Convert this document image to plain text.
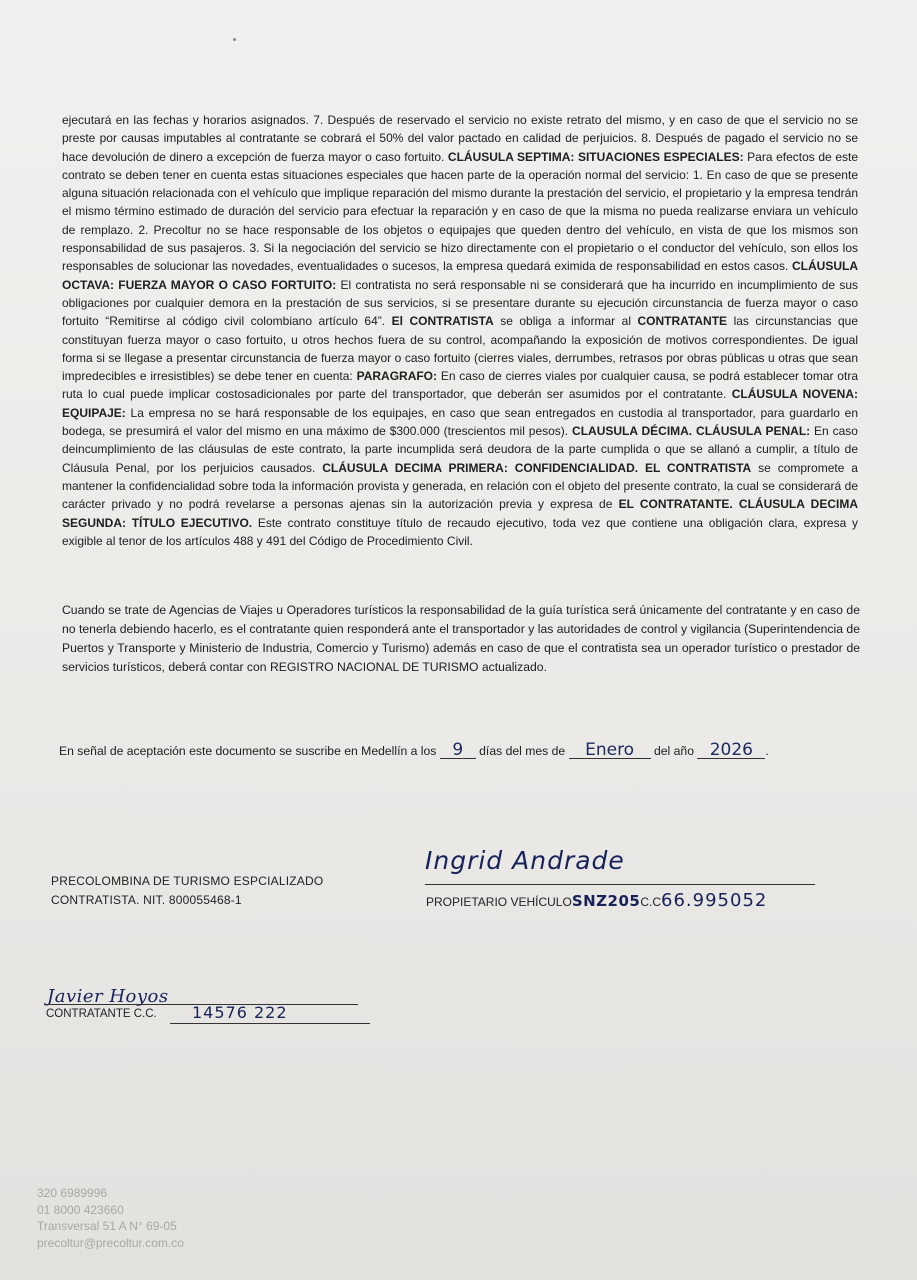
ejecutará en las fechas y horarios asignados. 7. Después de reservado el servicio no existe retrato del mismo, y en caso de que el servicio no se preste por causas imputables al contratante se cobrará el 50% del valor pactado en calidad de perjuicios. 8. Después de pagado el servicio no se hace devolución de dinero a excepción de fuerza mayor o caso fortuito. CLÁUSULA SEPTIMA: SITUACIONES ESPECIALES: Para efectos de este contrato se deben tener en cuenta estas situaciones especiales que hacen parte de la operación normal del servicio: 1. En caso de que se presente alguna situación relacionada con el vehículo que implique reparación del mismo durante la prestación del servicio, el propietario y la empresa tendrán el mismo término estimado de duración del servicio para efectuar la reparación y en caso de que la misma no pueda realizarse enviara un vehículo de remplazo. 2. Precoltur no se hace responsable de los objetos o equipajes que queden dentro del vehículo, en vista de que los mismos son responsabilidad de sus pasajeros. 3. Si la negociación del servicio se hizo directamente con el propietario o el conductor del vehículo, son ellos los responsables de solucionar las novedades, eventualidades o sucesos, la empresa quedará eximida de responsabilidad en estos casos. CLÁUSULA OCTAVA: FUERZA MAYOR O CASO FORTUITO: El contratista no será responsable ni se considerará que ha incurrido en incumplimiento de sus obligaciones por cualquier demora en la prestación de sus servicios, si se presentare durante su ejecución circunstancia de fuerza mayor o caso fortuito “Remitirse al código civil colombiano artículo 64”. El CONTRATISTA se obliga a informar al CONTRATANTE las circunstancias que constituyan fuerza mayor o caso fortuito, u otros hechos fuera de su control, acompañando la exposición de motivos correspondientes. De igual forma si se llegase a presentar circunstancia de fuerza mayor o caso fortuito (cierres viales, derrumbes, retrasos por obras públicas u otras que sean impredecibles e irresistibles) se debe tener en cuenta: PARAGRAFO: En caso de cierres viales por cualquier causa, se podrá establecer tomar otra ruta lo cual puede implicar costosadicionales por parte del transportador, que deberán ser asumidos por el contratante. CLÁUSULA NOVENA: EQUIPAJE: La empresa no se hará responsable de los equipajes, en caso que sean entregados en custodia al transportador, para guardarlo en bodega, se presumirá el valor del mismo en una máximo de $300.000 (trescientos mil pesos). CLAUSULA DÉCIMA. CLÁUSULA PENAL: En caso deincumplimiento de las cláusulas de este contrato, la parte incumplida será deudora de la parte cumplida o que se allanó a cumplir, a título de Cláusula Penal, por los perjuicios causados. CLÁUSULA DECIMA PRIMERA: CONFIDENCIALIDAD. EL CONTRATISTA se compromete a mantener la confidencialidad sobre toda la información provista y generada, en relación con el objeto del presente contrato, la cual se considerará de carácter privado y no podrá revelarse a personas ajenas sin la autorización previa y expresa de EL CONTRATANTE. CLÁUSULA DECIMA SEGUNDA: TÍTULO EJECUTIVO. Este contrato constituye título de recaudo ejecutivo, toda vez que contiene una obligación clara, expresa y exigible al tenor de los artículos 488 y 491 del Código de Procedimiento Civil.
Cuando se trate de Agencias de Viajes u Operadores turísticos la responsabilidad de la guía turística será únicamente del contratante y en caso de no tenerla debiendo hacerlo, es el contratante quien responderá ante el transportador y las autoridades de control y vigilancia (Superintendencia de Puertos y Transporte y Ministerio de Industria, Comercio y Turismo) además en caso de que el contratista sea un operador turístico o prestador de servicios turísticos, deberá contar con REGISTRO NACIONAL DE TURISMO actualizado.
En señal de aceptación este documento se suscribe en Medellín a los 9 días del mes de Enero del año 2026 .
PRECOLOMBINA DE TURISMO ESPCIALIZADO
CONTRATISTA. NIT. 800055468-1
Ingrid Andrade
PROPIETARIO VEHÍCULOSNZ205C.C66.995052
Javier Hoyos
CONTRATANTE C.C. 14576 222
320 6989996
01 8000 423660
Transversal 51 A N° 69-05
precoltur@precoltur.com.co
